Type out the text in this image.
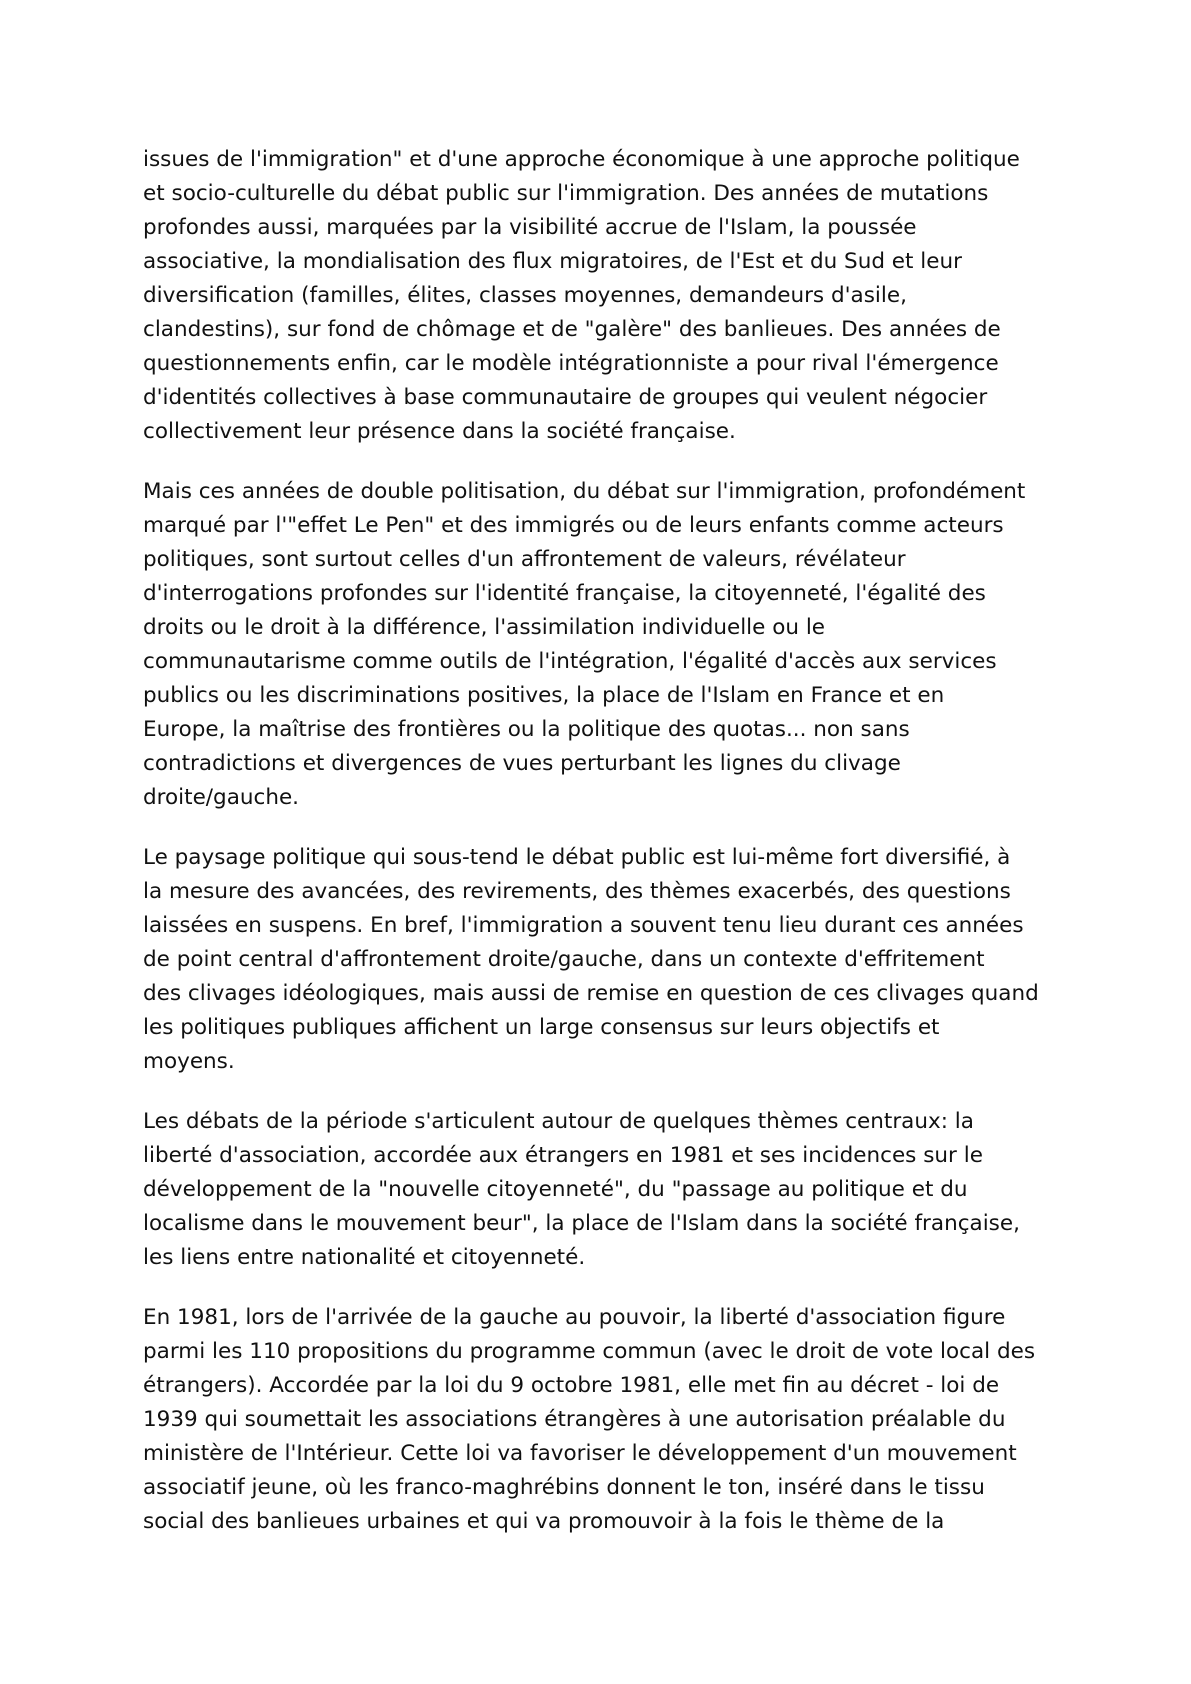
issues de l'immigration" et d'une approche économique à une approche politique
et socio-culturelle du débat public sur l'immigration. Des années de mutations
profondes aussi, marquées par la visibilité accrue de l'Islam, la poussée
associative, la mondialisation des flux migratoires, de l'Est et du Sud et leur
diversification (familles, élites, classes moyennes, demandeurs d'asile,
clandestins), sur fond de chômage et de "galère" des banlieues. Des années de
questionnements enfin, car le modèle intégrationniste a pour rival l'émergence
d'identités collectives à base communautaire de groupes qui veulent négocier
collectivement leur présence dans la société française.

Mais ces années de double politisation, du débat sur l'immigration, profondément
marqué par l'"effet Le Pen" et des immigrés ou de leurs enfants comme acteurs
politiques, sont surtout celles d'un affrontement de valeurs, révélateur
d'interrogations profondes sur l'identité française, la citoyenneté, l'égalité des
droits ou le droit à la différence, l'assimilation individuelle ou le
communautarisme comme outils de l'intégration, l'égalité d'accès aux services
publics ou les discriminations positives, la place de l'Islam en France et en
Europe, la maîtrise des frontières ou la politique des quotas... non sans
contradictions et divergences de vues perturbant les lignes du clivage
droite/gauche.

Le paysage politique qui sous-tend le débat public est lui-même fort diversifié, à
la mesure des avancées, des revirements, des thèmes exacerbés, des questions
laissées en suspens. En bref, l'immigration a souvent tenu lieu durant ces années
de point central d'affrontement droite/gauche, dans un contexte d'effritement
des clivages idéologiques, mais aussi de remise en question de ces clivages quand
les politiques publiques affichent un large consensus sur leurs objectifs et
moyens.

Les débats de la période s'articulent autour de quelques thèmes centraux: la
liberté d'association, accordée aux étrangers en 1981 et ses incidences sur le
développement de la "nouvelle citoyenneté", du "passage au politique et du
localisme dans le mouvement beur", la place de l'Islam dans la société française,
les liens entre nationalité et citoyenneté.

En 1981, lors de l'arrivée de la gauche au pouvoir, la liberté d'association figure
parmi les 110 propositions du programme commun (avec le droit de vote local des
étrangers). Accordée par la loi du 9 octobre 1981, elle met fin au décret - loi de
1939 qui soumettait les associations étrangères à une autorisation préalable du
ministère de l'Intérieur. Cette loi va favoriser le développement d'un mouvement
associatif jeune, où les franco-maghrébins donnent le ton, inséré dans le tissu
social des banlieues urbaines et qui va promouvoir à la fois le thème de la
